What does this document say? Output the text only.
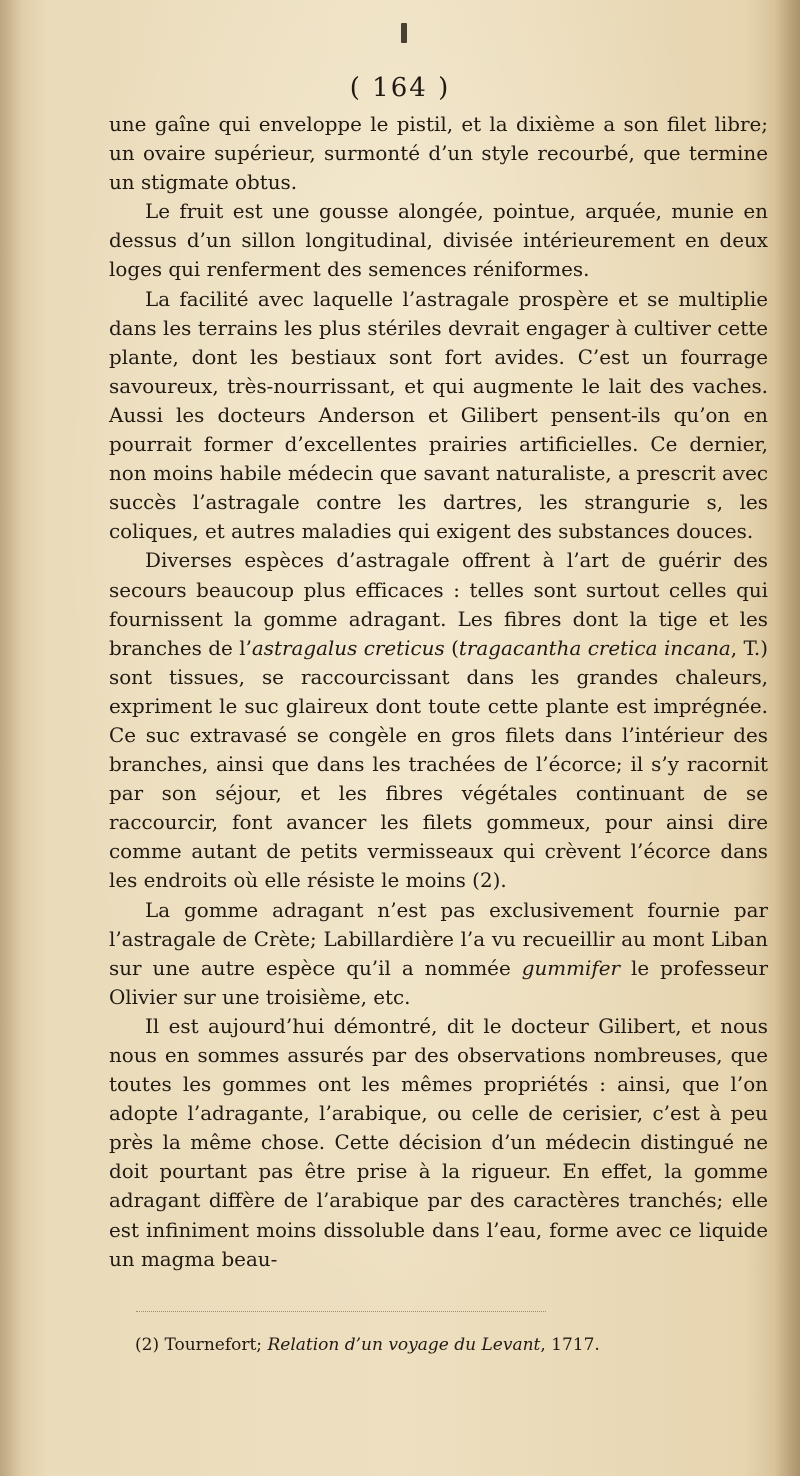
( 164 )

une gaîne qui enveloppe le pistil, et la dixième a son filet libre; un ovaire supérieur, surmonté d’un style recourbé, que termine un stigmate obtus.

Le fruit est une gousse alongée, pointue, arquée, munie en dessus d’un sillon longitudinal, divisée intérieurement en deux loges qui renferment des semences réniformes.

La facilité avec laquelle l’astragale prospère et se multiplie dans les terrains les plus stériles devrait engager à cultiver cette plante, dont les bestiaux sont fort avides. C’est un fourrage savoureux, très-nourrissant, et qui augmente le lait des vaches. Aussi les docteurs Anderson et Gilibert pensent-ils qu’on en pourrait former d’excellentes prairies artificielles. Ce dernier, non moins habile médecin que savant naturaliste, a prescrit avec succès l’astragale contre les dartres, les strangurie s, les coliques, et autres maladies qui exigent des substances douces.

Diverses espèces d’astragale offrent à l’art de guérir des secours beaucoup plus efficaces : telles sont surtout celles qui fournissent la gomme adragant. Les fibres dont la tige et les branches de l’astragalus creticus (tragacantha cretica incana, T.) sont tissues, se raccourcissant dans les grandes chaleurs, expriment le suc glaireux dont toute cette plante est imprégnée. Ce suc extravasé se congèle en gros filets dans l’intérieur des branches, ainsi que dans les trachées de l’écorce; il s’y racornit par son séjour, et les fibres végétales continuant de se raccourcir, font avancer les filets gommeux, pour ainsi dire comme autant de petits vermisseaux qui crèvent l’écorce dans les endroits où elle résiste le moins (2).

La gomme adragant n’est pas exclusivement fournie par l’astragale de Crète; Labillardière l’a vu recueillir au mont Liban sur une autre espèce qu’il a nommée gummifer le professeur Olivier sur une troisième, etc.

Il est aujourd’hui démontré, dit le docteur Gilibert, et nous nous en sommes assurés par des observations nombreuses, que toutes les gommes ont les mêmes propriétés : ainsi, que l’on adopte l’adragante, l’arabique, ou celle de cerisier, c’est à peu près la même chose. Cette décision d’un médecin distingué ne doit pourtant pas être prise à la rigueur. En effet, la gomme adragant diffère de l’arabique par des caractères tranchés; elle est infiniment moins dissoluble dans l’eau, forme avec ce liquide un magma beau-

(2) Tournefort; Relation d’un voyage du Levant, 1717.
